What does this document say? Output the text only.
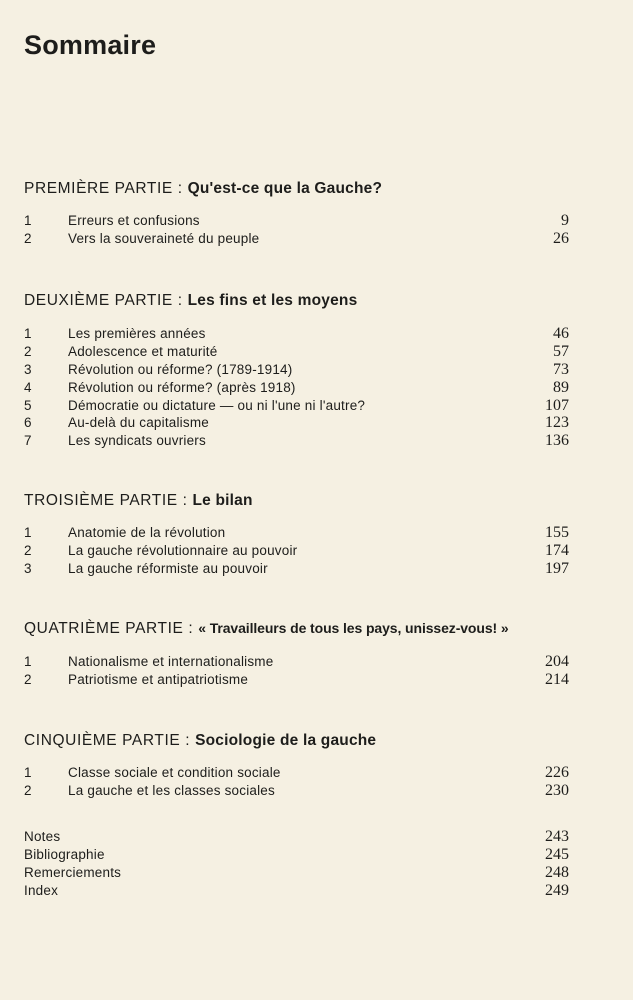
Sommaire
PREMIÈRE PARTIE : Qu'est-ce que la Gauche?
1	Erreurs et confusions	9
2	Vers la souveraineté du peuple	26
DEUXIÈME PARTIE : Les fins et les moyens
1	Les premières années	46
2	Adolescence et maturité	57
3	Révolution ou réforme? (1789-1914)	73
4	Révolution ou réforme? (après 1918)	89
5	Démocratie ou dictature — ou ni l'une ni l'autre?	107
6	Au-delà du capitalisme	123
7	Les syndicats ouvriers	136
TROISIÈME PARTIE : Le bilan
1	Anatomie de la révolution	155
2	La gauche révolutionnaire au pouvoir	174
3	La gauche réformiste au pouvoir	197
QUATRIÈME PARTIE : « Travailleurs de tous les pays, unissez-vous! »
1	Nationalisme et internationalisme	204
2	Patriotisme et antipatriotisme	214
CINQUIÈME PARTIE : Sociologie de la gauche
1	Classe sociale et condition sociale	226
2	La gauche et les classes sociales	230
Notes	243
Bibliographie	245
Remerciements	248
Index	249
